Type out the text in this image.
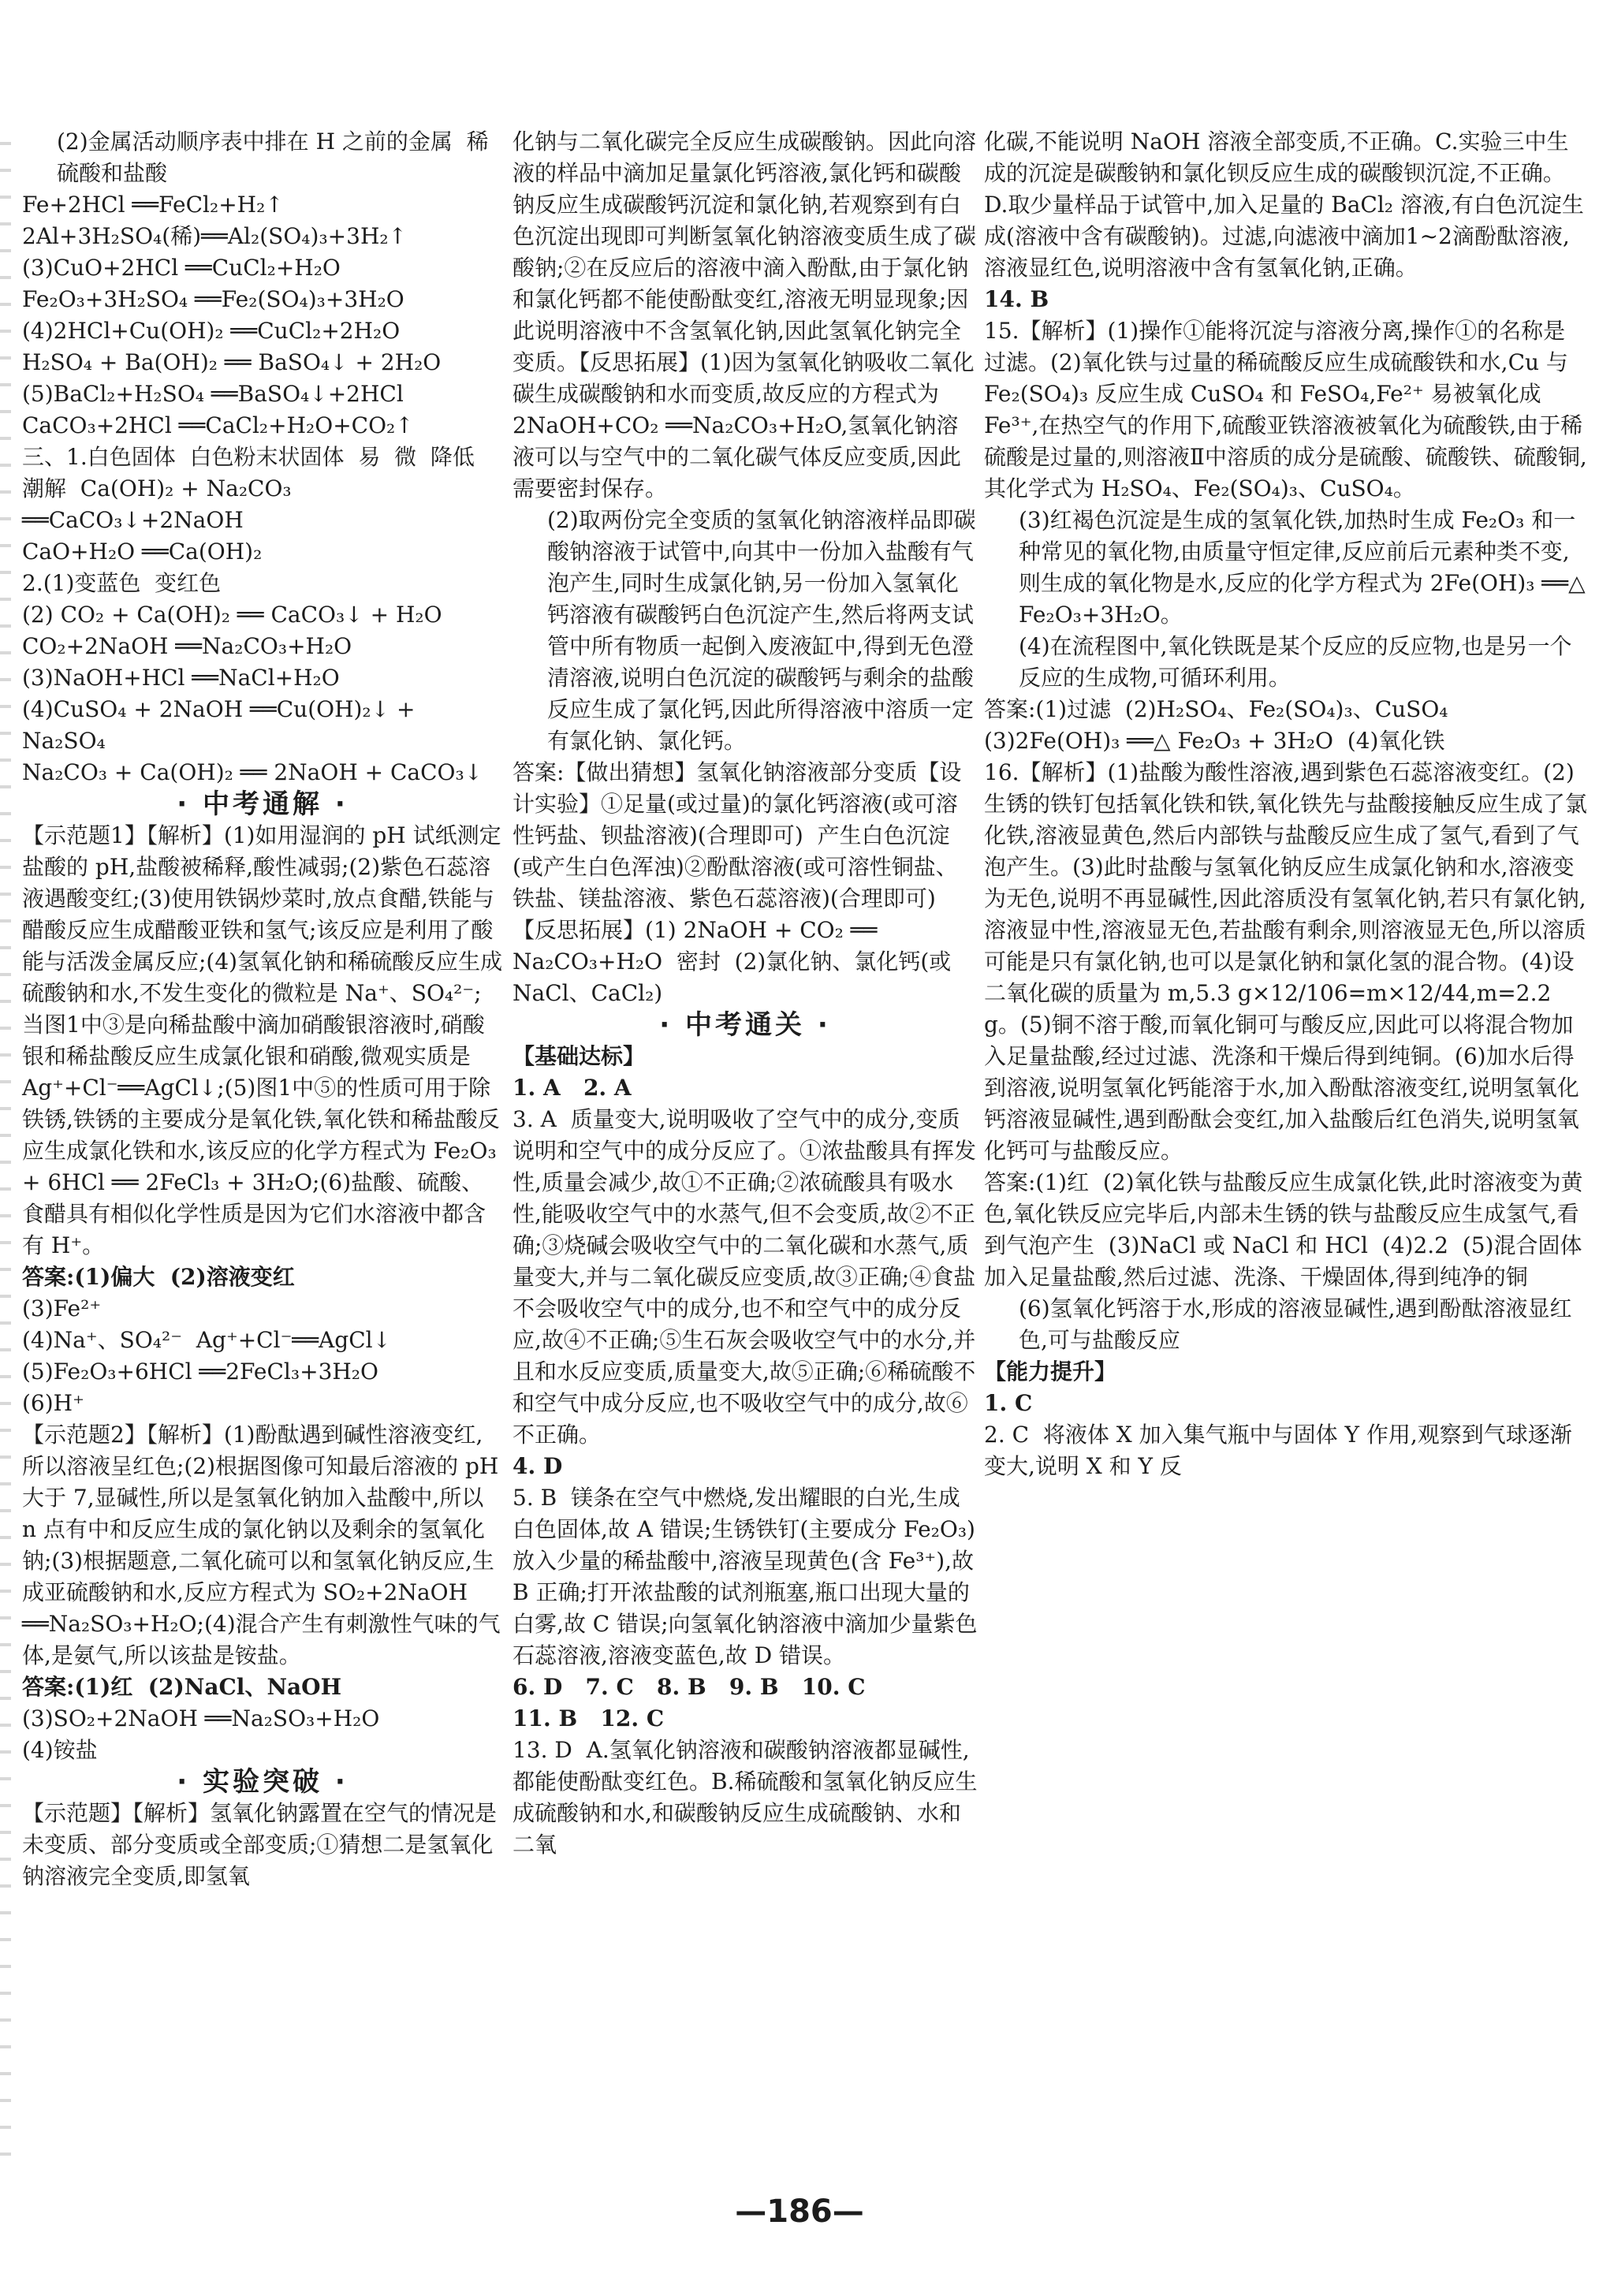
(2)金属活动顺序表中排在 H 之前的金属  稀硫酸和盐酸

Fe+2HCl ══FeCl₂+H₂↑

2Al+3H₂SO₄(稀)══Al₂(SO₄)₃+3H₂↑

(3)CuO+2HCl ══CuCl₂+H₂O

Fe₂O₃+3H₂SO₄ ══Fe₂(SO₄)₃+3H₂O

(4)2HCl+Cu(OH)₂ ══CuCl₂+2H₂O

H₂SO₄ + Ba(OH)₂ ══ BaSO₄↓ + 2H₂O

(5)BaCl₂+H₂SO₄ ══BaSO₄↓+2HCl

CaCO₃+2HCl ══CaCl₂+H₂O+CO₂↑

三、1.白色固体  白色粉末状固体  易  微  降低  潮解  Ca(OH)₂ + Na₂CO₃ ══CaCO₃↓+2NaOH

CaO+H₂O ══Ca(OH)₂

2.(1)变蓝色  变红色

(2) CO₂ + Ca(OH)₂ ══ CaCO₃↓ + H₂O

CO₂+2NaOH ══Na₂CO₃+H₂O

(3)NaOH+HCl ══NaCl+H₂O

(4)CuSO₄ + 2NaOH ══Cu(OH)₂↓ + Na₂SO₄

Na₂CO₃ + Ca(OH)₂ ══ 2NaOH + CaCO₃↓

· 中考通解 ·

【示范题1】【解析】(1)如用湿润的 pH 试纸测定盐酸的 pH,盐酸被稀释,酸性减弱;(2)紫色石蕊溶液遇酸变红;(3)使用铁锅炒菜时,放点食醋,铁能与醋酸反应生成醋酸亚铁和氢气;该反应是利用了酸能与活泼金属反应;(4)氢氧化钠和稀硫酸反应生成硫酸钠和水,不发生变化的微粒是 Na⁺、SO₄²⁻;当图1中③是向稀盐酸中滴加硝酸银溶液时,硝酸银和稀盐酸反应生成氯化银和硝酸,微观实质是 Ag⁺+Cl⁻══AgCl↓;(5)图1中⑤的性质可用于除铁锈,铁锈的主要成分是氧化铁,氧化铁和稀盐酸反应生成氯化铁和水,该反应的化学方程式为 Fe₂O₃ + 6HCl ══ 2FeCl₃ + 3H₂O;(6)盐酸、硫酸、食醋具有相似化学性质是因为它们水溶液中都含有 H⁺。

答案:(1)偏大  (2)溶液变红

(3)Fe²⁺

(4)Na⁺、SO₄²⁻  Ag⁺+Cl⁻══AgCl↓

(5)Fe₂O₃+6HCl ══2FeCl₃+3H₂O

(6)H⁺

【示范题2】【解析】(1)酚酞遇到碱性溶液变红,所以溶液呈红色;(2)根据图像可知最后溶液的 pH 大于 7,显碱性,所以是氢氧化钠加入盐酸中,所以 n 点有中和反应生成的氯化钠以及剩余的氢氧化钠;(3)根据题意,二氧化硫可以和氢氧化钠反应,生成亚硫酸钠和水,反应方程式为 SO₂+2NaOH ══Na₂SO₃+H₂O;(4)混合产生有刺激性气味的气体,是氨气,所以该盐是铵盐。

答案:(1)红  (2)NaCl、NaOH

(3)SO₂+2NaOH ══Na₂SO₃+H₂O

(4)铵盐

· 实验突破 ·

【示范题】【解析】氢氧化钠露置在空气的情况是未变质、部分变质或全部变质;①猜想二是氢氧化钠溶液完全变质,即氢氧

化钠与二氧化碳完全反应生成碳酸钠。因此向溶液的样品中滴加足量氯化钙溶液,氯化钙和碳酸钠反应生成碳酸钙沉淀和氯化钠,若观察到有白色沉淀出现即可判断氢氧化钠溶液变质生成了碳酸钠;②在反应后的溶液中滴入酚酞,由于氯化钠和氯化钙都不能使酚酞变红,溶液无明显现象;因此说明溶液中不含氢氧化钠,因此氢氧化钠完全变质。【反思拓展】(1)因为氢氧化钠吸收二氧化碳生成碳酸钠和水而变质,故反应的方程式为 2NaOH+CO₂ ══Na₂CO₃+H₂O,氢氧化钠溶液可以与空气中的二氧化碳气体反应变质,因此需要密封保存。

(2)取两份完全变质的氢氧化钠溶液样品即碳酸钠溶液于试管中,向其中一份加入盐酸有气泡产生,同时生成氯化钠,另一份加入氢氧化钙溶液有碳酸钙白色沉淀产生,然后将两支试管中所有物质一起倒入废液缸中,得到无色澄清溶液,说明白色沉淀的碳酸钙与剩余的盐酸反应生成了氯化钙,因此所得溶液中溶质一定有氯化钠、氯化钙。

答案:【做出猜想】氢氧化钠溶液部分变质【设计实验】①足量(或过量)的氯化钙溶液(或可溶性钙盐、钡盐溶液)(合理即可)  产生白色沉淀(或产生白色浑浊)②酚酞溶液(或可溶性铜盐、铁盐、镁盐溶液、紫色石蕊溶液)(合理即可)【反思拓展】(1) 2NaOH + CO₂ ══ Na₂CO₃+H₂O  密封  (2)氯化钠、氯化钙(或 NaCl、CaCl₂)

· 中考通关 ·

【基础达标】

1. A   2. A

3. A  质量变大,说明吸收了空气中的成分,变质说明和空气中的成分反应了。①浓盐酸具有挥发性,质量会减少,故①不正确;②浓硫酸具有吸水性,能吸收空气中的水蒸气,但不会变质,故②不正确;③烧碱会吸收空气中的二氧化碳和水蒸气,质量变大,并与二氧化碳反应变质,故③正确;④食盐不会吸收空气中的成分,也不和空气中的成分反应,故④不正确;⑤生石灰会吸收空气中的水分,并且和水反应变质,质量变大,故⑤正确;⑥稀硫酸不和空气中成分反应,也不吸收空气中的成分,故⑥不正确。

4. D

5. B  镁条在空气中燃烧,发出耀眼的白光,生成白色固体,故 A 错误;生锈铁钉(主要成分 Fe₂O₃)放入少量的稀盐酸中,溶液呈现黄色(含 Fe³⁺),故 B 正确;打开浓盐酸的试剂瓶塞,瓶口出现大量的白雾,故 C 错误;向氢氧化钠溶液中滴加少量紫色石蕊溶液,溶液变蓝色,故 D 错误。

6. D   7. C   8. B   9. B   10. C

11. B   12. C

13. D  A.氢氧化钠溶液和碳酸钠溶液都显碱性,都能使酚酞变红色。B.稀硫酸和氢氧化钠反应生成硫酸钠和水,和碳酸钠反应生成硫酸钠、水和二氧

化碳,不能说明 NaOH 溶液全部变质,不正确。C.实验三中生成的沉淀是碳酸钠和氯化钡反应生成的碳酸钡沉淀,不正确。D.取少量样品于试管中,加入足量的 BaCl₂ 溶液,有白色沉淀生成(溶液中含有碳酸钠)。过滤,向滤液中滴加1~2滴酚酞溶液,溶液显红色,说明溶液中含有氢氧化钠,正确。

14. B

15.【解析】(1)操作①能将沉淀与溶液分离,操作①的名称是过滤。(2)氧化铁与过量的稀硫酸反应生成硫酸铁和水,Cu 与 Fe₂(SO₄)₃ 反应生成 CuSO₄ 和 FeSO₄,Fe²⁺ 易被氧化成 Fe³⁺,在热空气的作用下,硫酸亚铁溶液被氧化为硫酸铁,由于稀硫酸是过量的,则溶液Ⅱ中溶质的成分是硫酸、硫酸铁、硫酸铜,其化学式为 H₂SO₄、Fe₂(SO₄)₃、CuSO₄。

(3)红褐色沉淀是生成的氢氧化铁,加热时生成 Fe₂O₃ 和一种常见的氧化物,由质量守恒定律,反应前后元素种类不变,则生成的氧化物是水,反应的化学方程式为 2Fe(OH)₃ ══△ Fe₂O₃+3H₂O。

(4)在流程图中,氧化铁既是某个反应的反应物,也是另一个反应的生成物,可循环利用。

答案:(1)过滤  (2)H₂SO₄、Fe₂(SO₄)₃、CuSO₄  (3)2Fe(OH)₃ ══△ Fe₂O₃ + 3H₂O  (4)氧化铁

16.【解析】(1)盐酸为酸性溶液,遇到紫色石蕊溶液变红。(2)生锈的铁钉包括氧化铁和铁,氧化铁先与盐酸接触反应生成了氯化铁,溶液显黄色,然后内部铁与盐酸反应生成了氢气,看到了气泡产生。(3)此时盐酸与氢氧化钠反应生成氯化钠和水,溶液变为无色,说明不再显碱性,因此溶质没有氢氧化钠,若只有氯化钠,溶液显中性,溶液显无色,若盐酸有剩余,则溶液显无色,所以溶质可能是只有氯化钠,也可以是氯化钠和氯化氢的混合物。(4)设二氧化碳的质量为 m,5.3 g×12/106=m×12/44,m=2.2 g。(5)铜不溶于酸,而氧化铜可与酸反应,因此可以将混合物加入足量盐酸,经过过滤、洗涤和干燥后得到纯铜。(6)加水后得到溶液,说明氢氧化钙能溶于水,加入酚酞溶液变红,说明氢氧化钙溶液显碱性,遇到酚酞会变红,加入盐酸后红色消失,说明氢氧化钙可与盐酸反应。

答案:(1)红  (2)氧化铁与盐酸反应生成氯化铁,此时溶液变为黄色,氧化铁反应完毕后,内部未生锈的铁与盐酸反应生成氢气,看到气泡产生  (3)NaCl 或 NaCl 和 HCl  (4)2.2  (5)混合固体加入足量盐酸,然后过滤、洗涤、干燥固体,得到纯净的铜

(6)氢氧化钙溶于水,形成的溶液显碱性,遇到酚酞溶液显红色,可与盐酸反应

【能力提升】

1. C

2. C  将液体 X 加入集气瓶中与固体 Y 作用,观察到气球逐渐变大,说明 X 和 Y 反

—186—
